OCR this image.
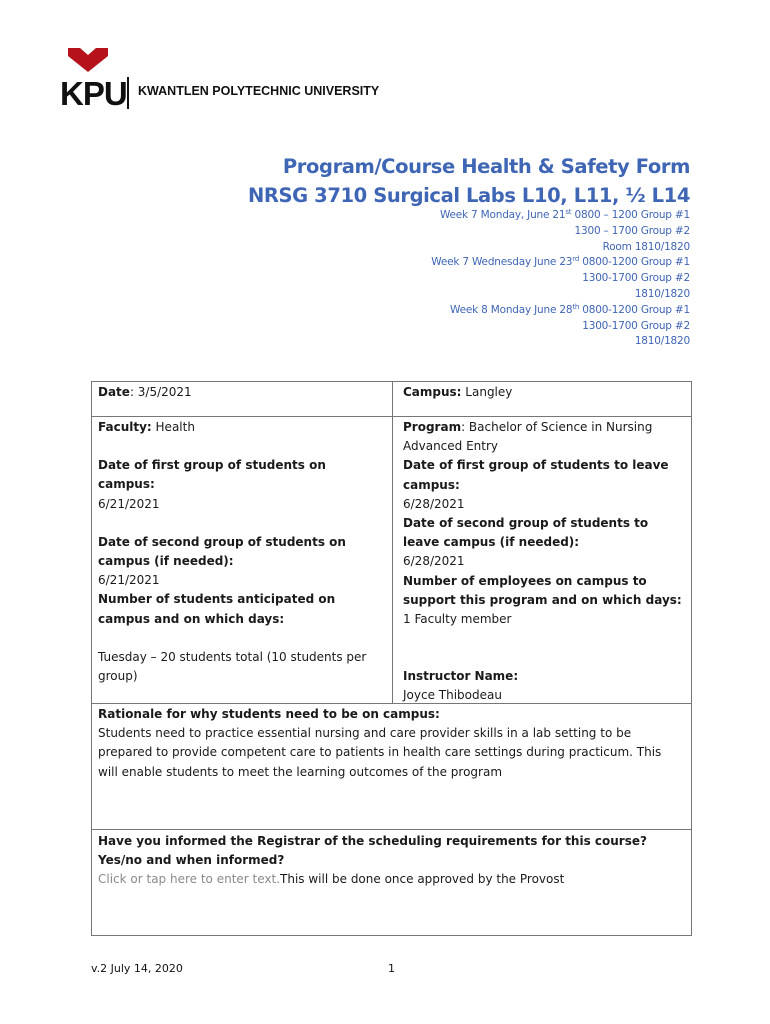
KPU KWANTLEN POLYTECHNIC UNIVERSITY
Program/Course Health & Safety Form
NRSG 3710 Surgical Labs L10, L11, ½ L14
Week 7 Monday, June 21st 0800 – 1200 Group #1
1300 – 1700 Group #2
Room 1810/1820
Week 7 Wednesday June 23rd 0800-1200 Group #1
1300-1700 Group #2
1810/1820
Week 8 Monday June 28th 0800-1200 Group #1
1300-1700 Group #2
1810/1820
Date: 3/5/2021	Campus: Langley
Faculty: Health
Date of first group of students on campus:
6/21/2021
Date of second group of students on campus (if needed):
6/21/2021
Number of students anticipated on campus and on which days:
Tuesday – 20 students total (10 students per group)
Program: Bachelor of Science in Nursing Advanced Entry
Date of first group of students to leave campus:
6/28/2021
Date of second group of students to leave campus (if needed):
6/28/2021
Number of employees on campus to support this program and on which days:
1 Faculty member
Instructor Name:
Joyce Thibodeau
Rationale for why students need to be on campus:
Students need to practice essential nursing and care provider skills in a lab setting to be prepared to provide competent care to patients in health care settings during practicum. This will enable students to meet the learning outcomes of the program
Have you informed the Registrar of the scheduling requirements for this course? Yes/no and when informed?
Click or tap here to enter text.This will be done once approved by the Provost
v.2 July 14, 2020	1
